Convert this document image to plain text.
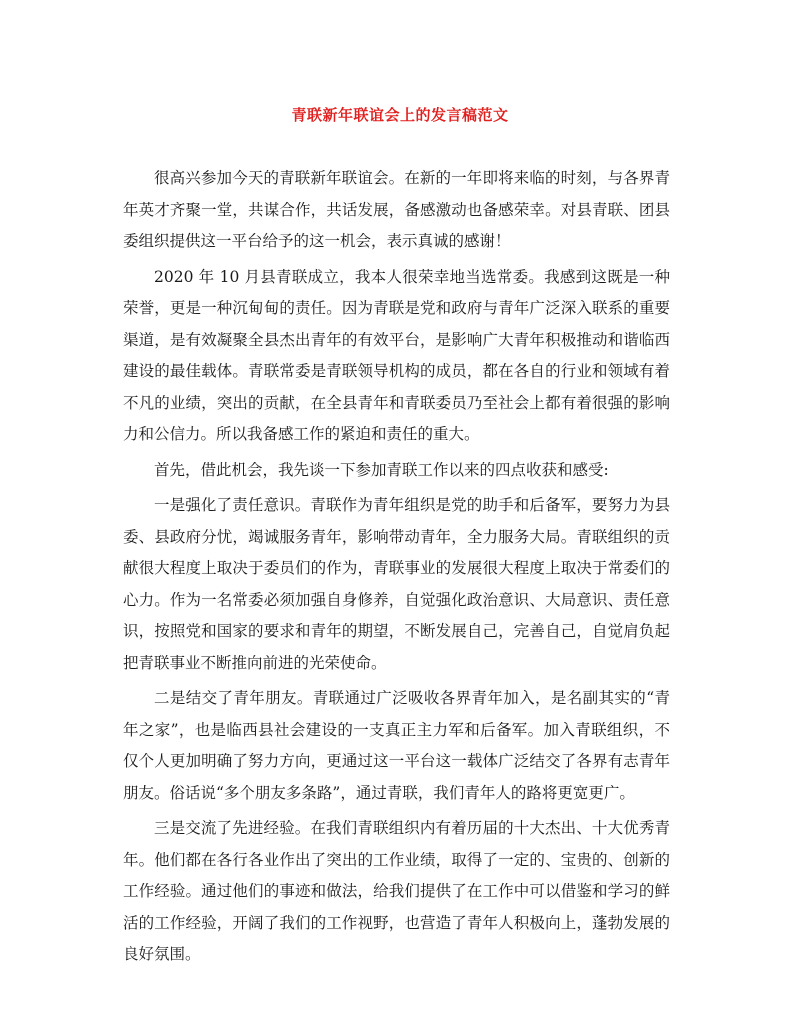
青联新年联谊会上的发言稿范文

很高兴参加今天的青联新年联谊会。在新的一年即将来临的时刻，与各界青年英才齐聚一堂，共谋合作，共话发展，备感激动也备感荣幸。对县青联、团县委组织提供这一平台给予的这一机会，表示真诚的感谢！

2020 年 10 月县青联成立，我本人很荣幸地当选常委。我感到这既是一种荣誉，更是一种沉甸甸的责任。因为青联是党和政府与青年广泛深入联系的重要渠道，是有效凝聚全县杰出青年的有效平台，是影响广大青年积极推动和谐临西建设的最佳载体。青联常委是青联领导机构的成员，都在各自的行业和领域有着不凡的业绩，突出的贡献，在全县青年和青联委员乃至社会上都有着很强的影响力和公信力。所以我备感工作的紧迫和责任的重大。

首先，借此机会，我先谈一下参加青联工作以来的四点收获和感受:

一是强化了责任意识。青联作为青年组织是党的助手和后备军，要努力为县委、县政府分忧，竭诚服务青年，影响带动青年，全力服务大局。青联组织的贡献很大程度上取决于委员们的作为，青联事业的发展很大程度上取决于常委们的心力。作为一名常委必须加强自身修养，自觉强化政治意识、大局意识、责任意识，按照党和国家的要求和青年的期望，不断发展自己，完善自己，自觉肩负起把青联事业不断推向前进的光荣使命。

二是结交了青年朋友。青联通过广泛吸收各界青年加入，是名副其实的“青年之家”，也是临西县社会建设的一支真正主力军和后备军。加入青联组织，不仅个人更加明确了努力方向，更通过这一平台这一载体广泛结交了各界有志青年朋友。俗话说“多个朋友多条路”，通过青联，我们青年人的路将更宽更广。

三是交流了先进经验。在我们青联组织内有着历届的十大杰出、十大优秀青年。他们都在各行各业作出了突出的工作业绩，取得了一定的、宝贵的、创新的工作经验。通过他们的事迹和做法，给我们提供了在工作中可以借鉴和学习的鲜活的工作经验，开阔了我们的工作视野，也营造了青年人积极向上，蓬勃发展的良好氛围。
